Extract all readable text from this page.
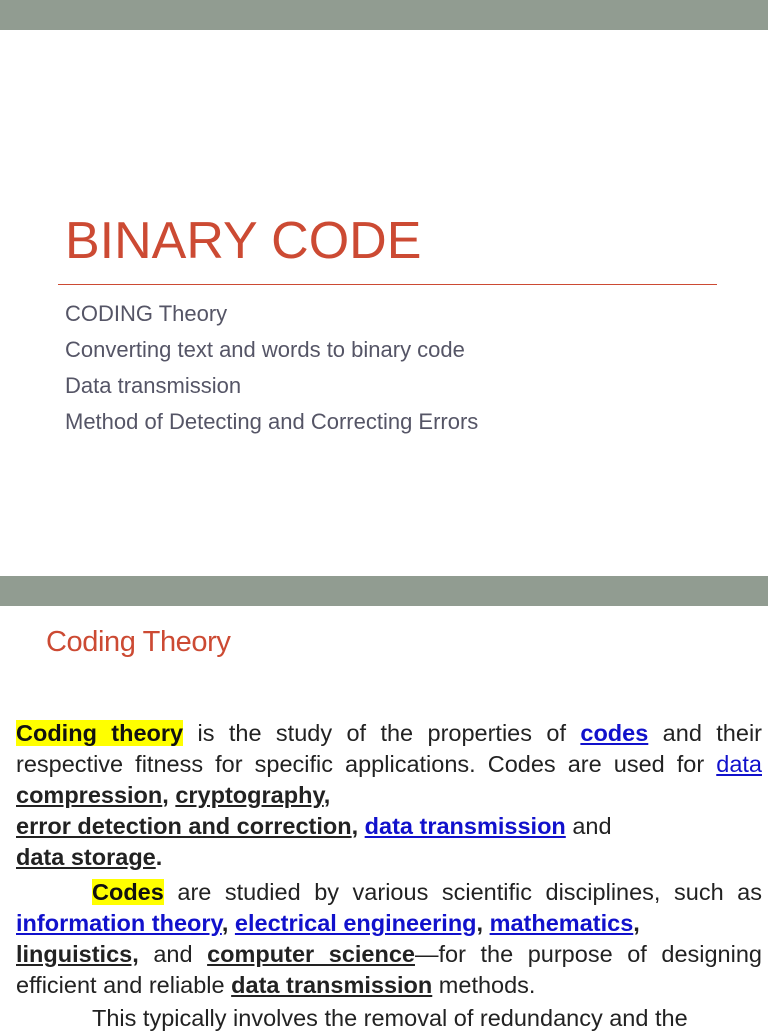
BINARY CODE
CODING Theory
Converting text and words to binary code
Data transmission
Method of Detecting and Correcting Errors
Coding Theory

Coding theory is the study of the properties of codes and their respective fitness for specific applications. Codes are used for data compression, cryptography,
error detection and correction, data transmission and
data storage.

Codes are studied by various scientific disciplines, such as information theory, electrical engineering, mathematics,
linguistics, and computer science—for the purpose of designing efficient and reliable data transmission methods.

This typically involves the removal of redundancy and the
